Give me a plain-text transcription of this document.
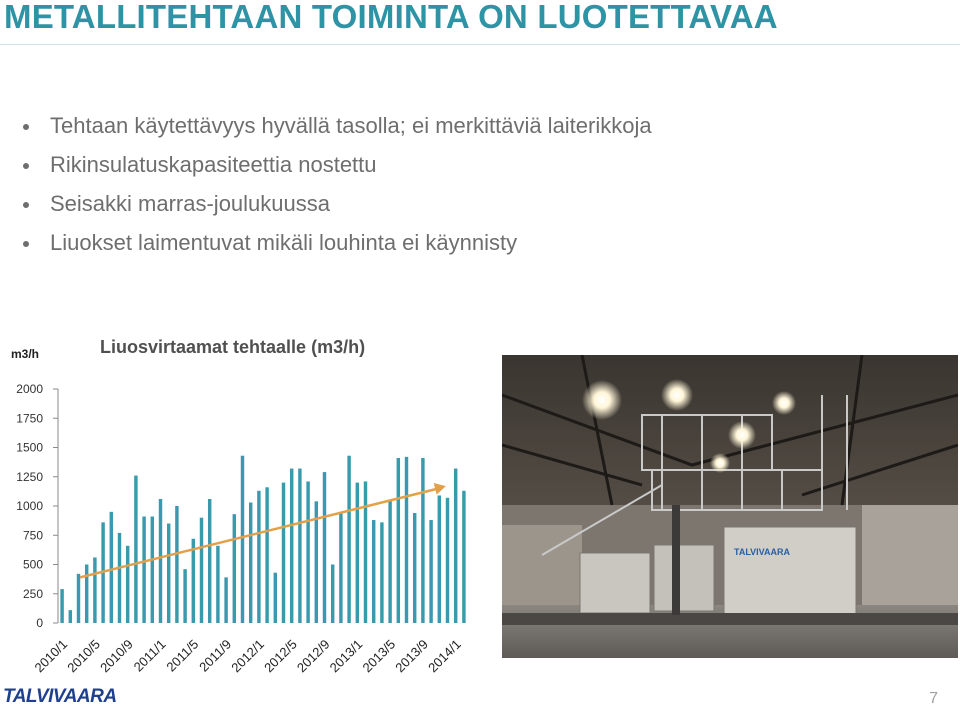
METALLITEHTAAN TOIMINTA ON LUOTETTAVAA
Tehtaan käytettävyys hyvällä tasolla; ei merkittäviä laiterikkoja
Rikinsulatuskapasiteettia nostettu
Seisakki marras-joulukuussa
Liuokset laimentuvat mikäli louhinta ei käynnisty
m3/h	Liuosvirtaamat tehtaalle (m3/h)
0
250
500
750
1000
1250
1500
1750
2000
2010/1
2010/5
2010/9
2011/1
2011/5
2011/9
2012/1
2012/5
2012/9
2013/1
2013/5
2013/9
2014/1
TALVIVAARA
TALVIVAARA	7
